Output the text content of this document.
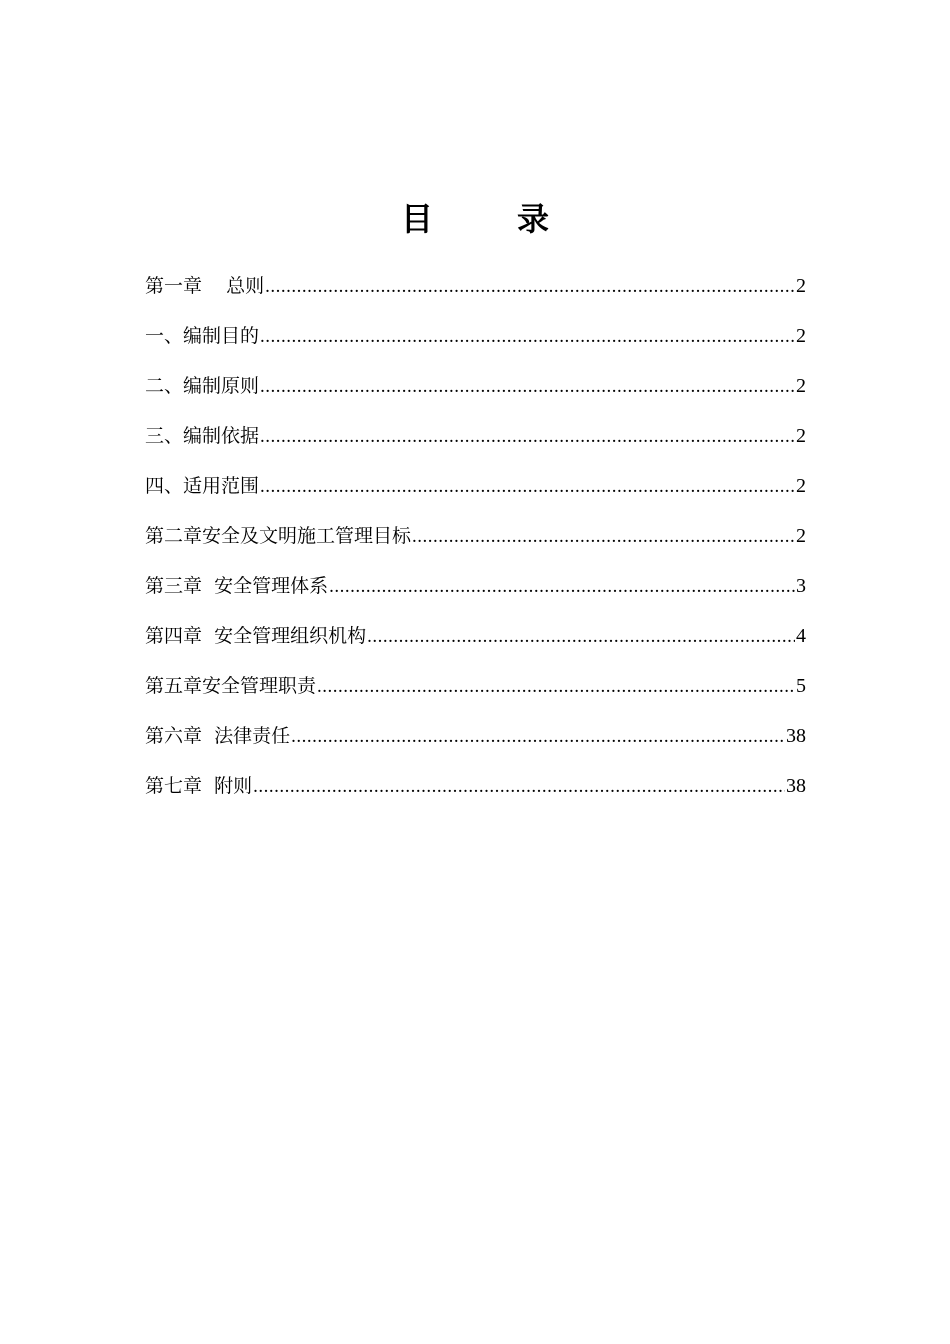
目	录
第一章    总则 .....	2
一、编制目的 .....	2
二、编制原则 .....	2
三、编制依据 .....	2
四、适用范围 .....	2
第二章安全及文明施工管理目标 .....	2
第三章  安全管理体系 .....	3
第四章  安全管理组织机构 .....	4
第五章安全管理职责 .....	5
第六章  法律责任 .....	38
第七章  附则 .....	38
